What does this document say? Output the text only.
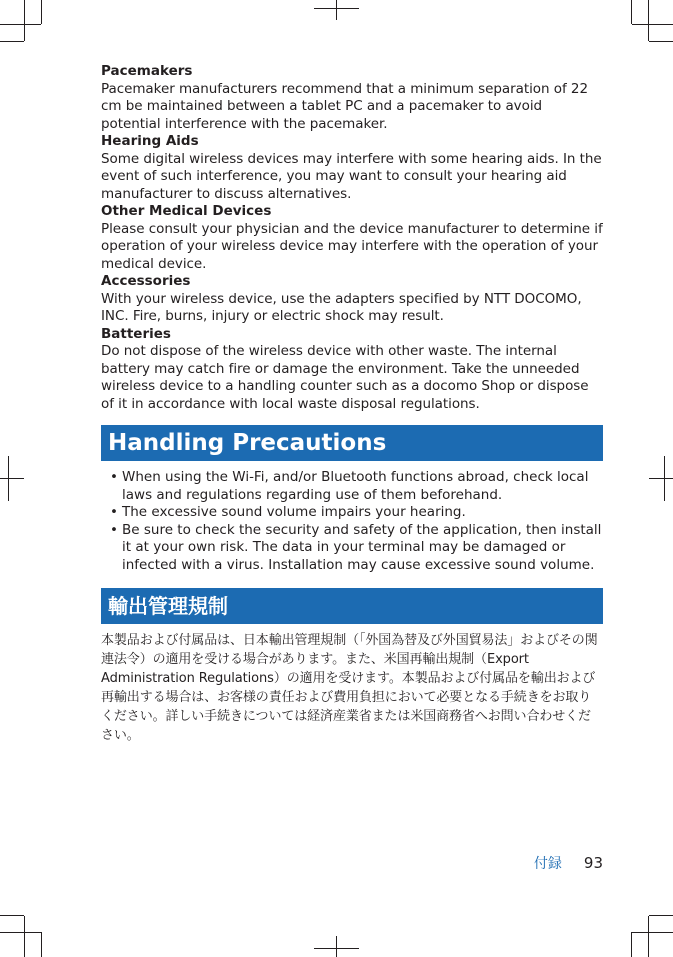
Pacemakers
Pacemaker manufacturers recommend that a minimum separation of 22 cm be maintained between a tablet PC and a pacemaker to avoid potential interference with the pacemaker.
Hearing Aids
Some digital wireless devices may interfere with some hearing aids. In the event of such interference, you may want to consult your hearing aid manufacturer to discuss alternatives.
Other Medical Devices
Please consult your physician and the device manufacturer to determine if operation of your wireless device may interfere with the operation of your medical device.
Accessories
With your wireless device, use the adapters specified by NTT DOCOMO, INC. Fire, burns, injury or electric shock may result.
Batteries
Do not dispose of the wireless device with other waste. The internal battery may catch fire or damage the environment. Take the unneeded wireless device to a handling counter such as a docomo Shop or dispose of it in accordance with local waste disposal regulations.
Handling Precautions
• When using the Wi-Fi, and/or Bluetooth functions abroad, check local laws and regulations regarding use of them beforehand.
• The excessive sound volume impairs your hearing.
• Be sure to check the security and safety of the application, then install it at your own risk. The data in your terminal may be damaged or infected with a virus. Installation may cause excessive sound volume.
輸出管理規制
本製品および付属品は、日本輸出管理規制（「外国為替及び外国貿易法」およびその関連法令）の適用を受ける場合があります。また、米国再輸出規制（Export Administration Regulations）の適用を受けます。本製品および付属品を輸出および再輸出する場合は、お客様の責任および費用負担において必要となる手続きをお取りください。詳しい手続きについては経済産業省または米国商務省へお問い合わせください。
付録 93
